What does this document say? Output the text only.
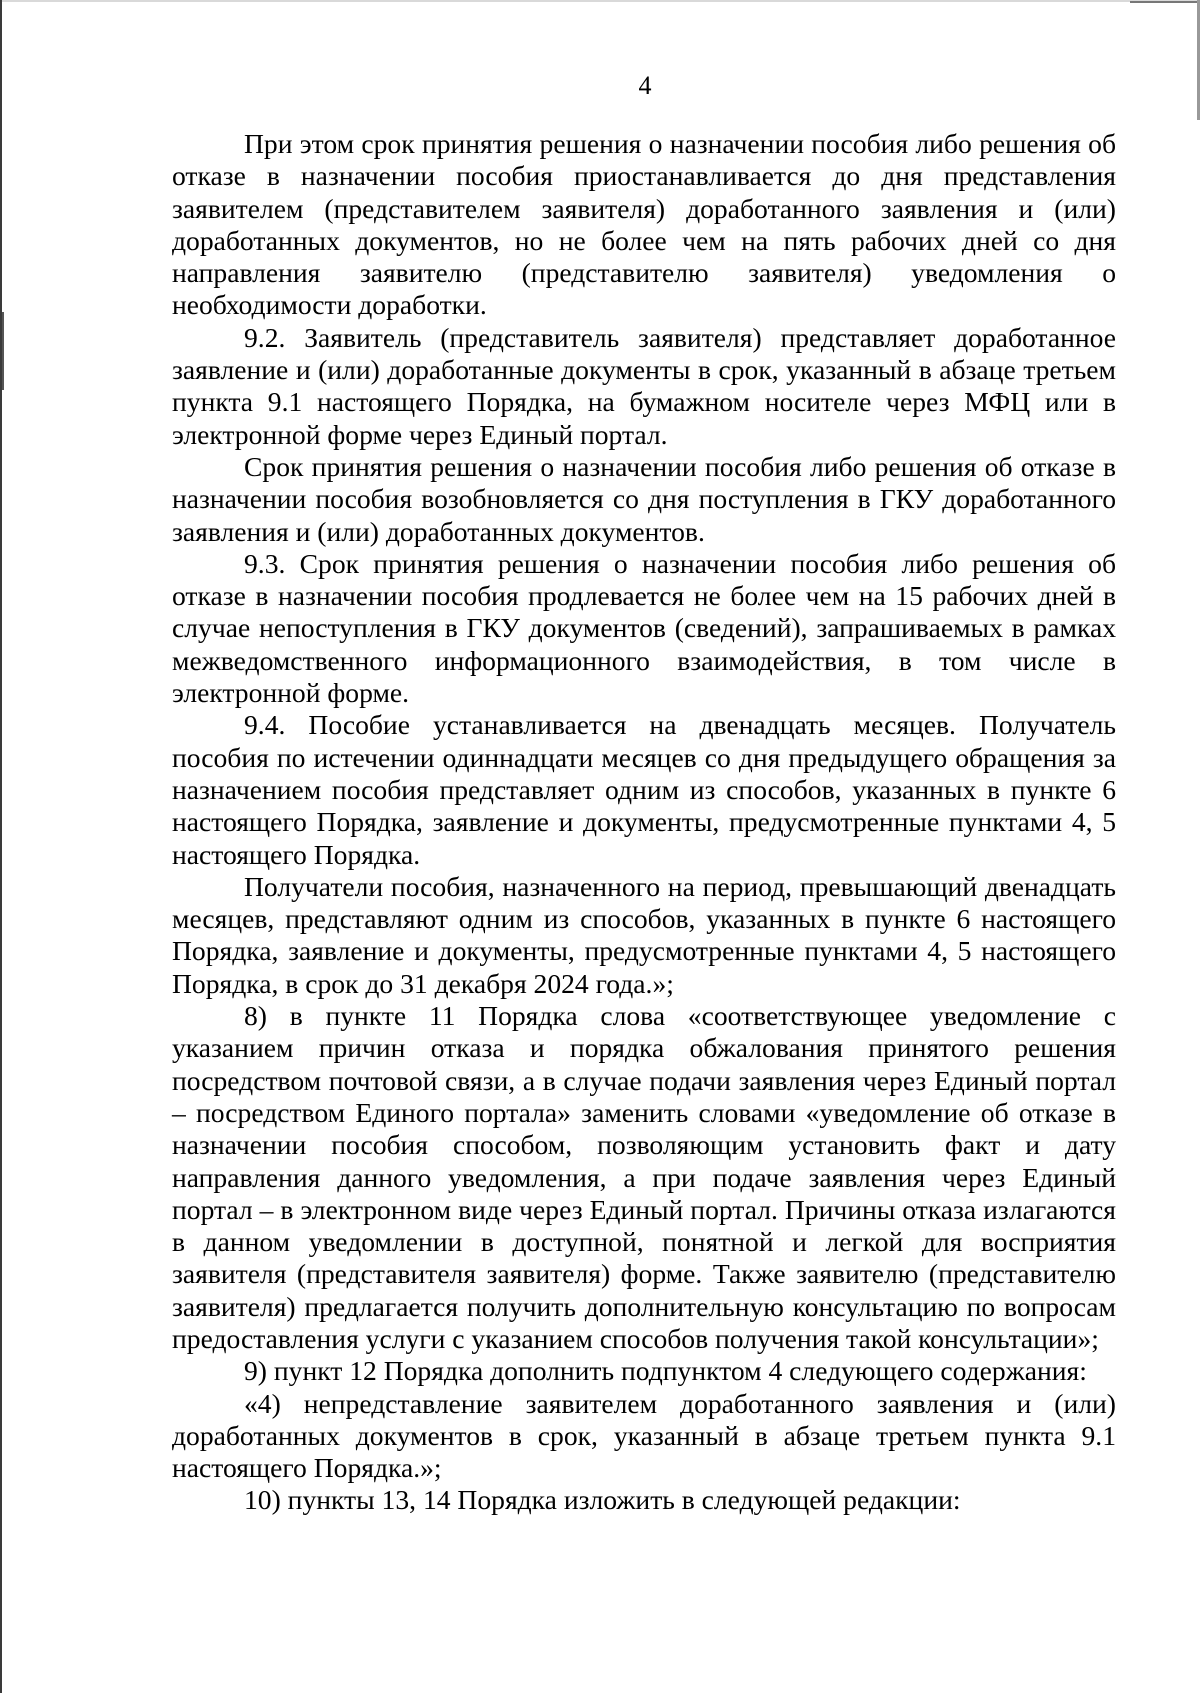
4

При этом срок принятия решения о назначении пособия либо решения об отказе в назначении пособия приостанавливается до дня представления заявителем (представителем заявителя) доработанного заявления и (или) доработанных документов, но не более чем на пять рабочих дней со дня направления заявителю (представителю заявителя) уведомления о необходимости доработки.

9.2. Заявитель (представитель заявителя) представляет доработанное заявление и (или) доработанные документы в срок, указанный в абзаце третьем пункта 9.1 настоящего Порядка, на бумажном носителе через МФЦ или в электронной форме через Единый портал.

Срок принятия решения о назначении пособия либо решения об отказе в назначении пособия возобновляется со дня поступления в ГКУ доработанного заявления и (или) доработанных документов.

9.3. Срок принятия решения о назначении пособия либо решения об отказе в назначении пособия продлевается не более чем на 15 рабочих дней в случае непоступления в ГКУ документов (сведений), запрашиваемых в рамках межведомственного информационного взаимодействия, в том числе в электронной форме.

9.4. Пособие устанавливается на двенадцать месяцев. Получатель пособия по истечении одиннадцати месяцев со дня предыдущего обращения за назначением пособия представляет одним из способов, указанных в пункте 6 настоящего Порядка, заявление и документы, предусмотренные пунктами 4, 5 настоящего Порядка.

Получатели пособия, назначенного на период, превышающий двенадцать месяцев, представляют одним из способов, указанных в пункте 6 настоящего Порядка, заявление и документы, предусмотренные пунктами 4, 5 настоящего Порядка, в срок до 31 декабря 2024 года.»;

8) в пункте 11 Порядка слова «соответствующее уведомление с указанием причин отказа и порядка обжалования принятого решения посредством почтовой связи, а в случае подачи заявления через Единый портал – посредством Единого портала» заменить словами «уведомление об отказе в назначении пособия способом, позволяющим установить факт и дату направления данного уведомления, а при подаче заявления через Единый портал – в электронном виде через Единый портал. Причины отказа излагаются в данном уведомлении в доступной, понятной и легкой для восприятия заявителя (представителя заявителя) форме. Также заявителю (представителю заявителя) предлагается получить дополнительную консультацию по вопросам предоставления услуги с указанием способов получения такой консультации»;

9) пункт 12 Порядка дополнить подпунктом 4 следующего содержания:

«4) непредставление заявителем доработанного заявления и (или) доработанных документов в срок, указанный в абзаце третьем пункта 9.1 настоящего Порядка.»;

10) пункты 13, 14 Порядка изложить в следующей редакции:
